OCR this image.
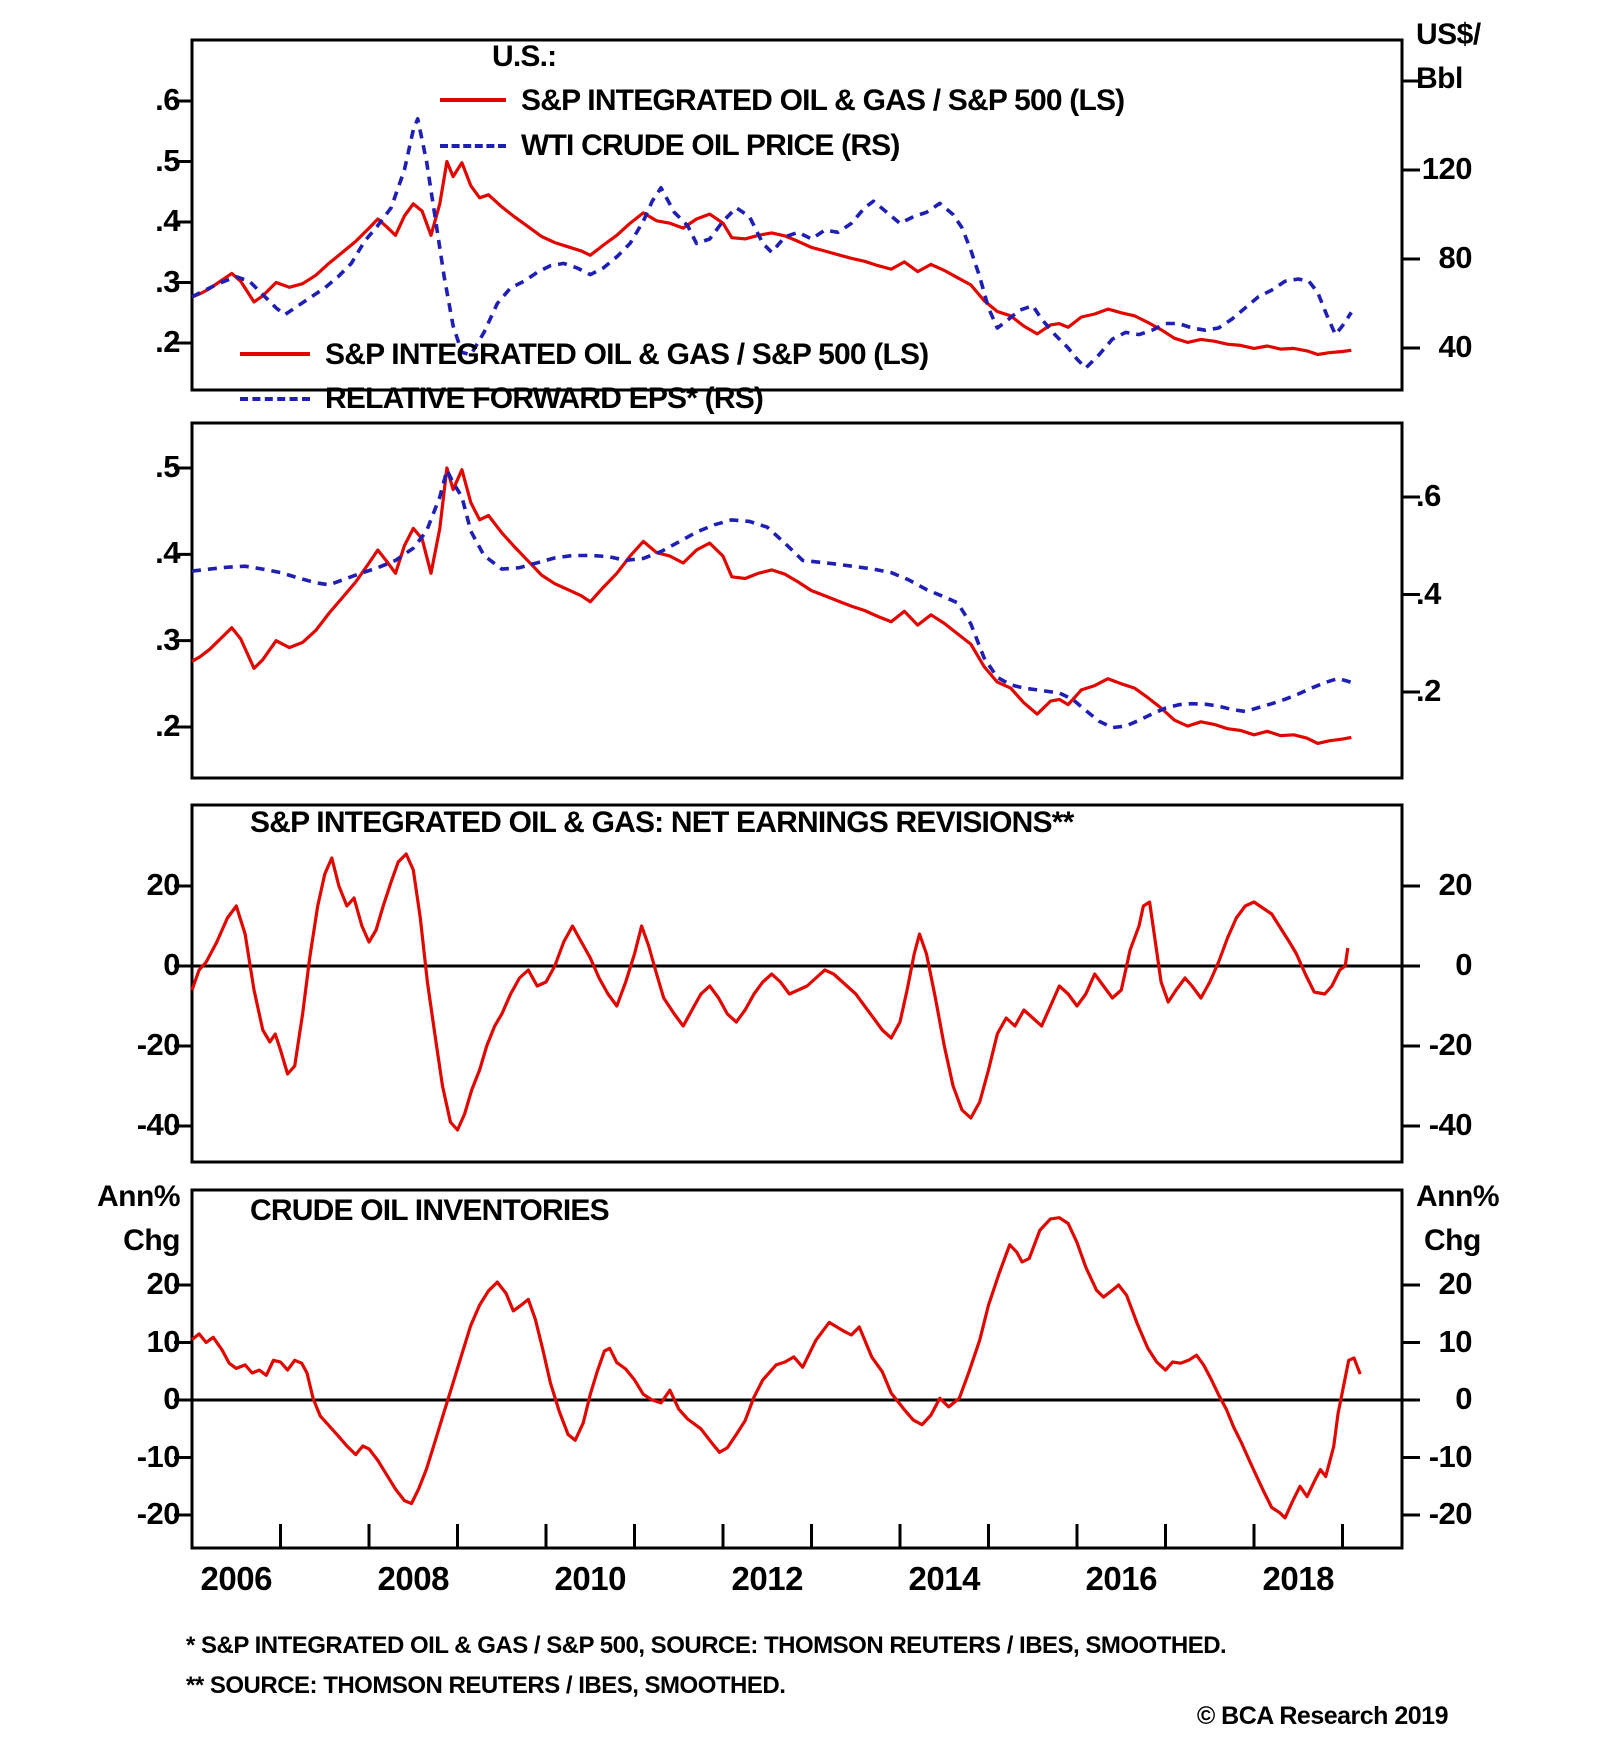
.6
.5
.4
.3
.2
120
80
40
.5
.4
.3
.2
.6
.4
.2
20
0
-20
-40
20
0
-20
-40
20
10
0
-10
-20
20
10
0
-10
-20
2006	2008	2010	2012	2014	2016	2018
U.S.:
S&P INTEGRATED OIL & GAS / S&P 500 (LS)
WTI CRUDE OIL PRICE (RS)
US$/
Bbl
S&P INTEGRATED OIL & GAS / S&P 500 (LS)
RELATIVE FORWARD EPS* (RS)
S&P INTEGRATED OIL & GAS: NET EARNINGS REVISIONS**
CRUDE OIL INVENTORIES
Ann%
Chg
Ann%
Chg
* S&P INTEGRATED OIL & GAS / S&P 500, SOURCE: THOMSON REUTERS / IBES, SMOOTHED.
** SOURCE: THOMSON REUTERS / IBES, SMOOTHED.
© BCA Research 2019
